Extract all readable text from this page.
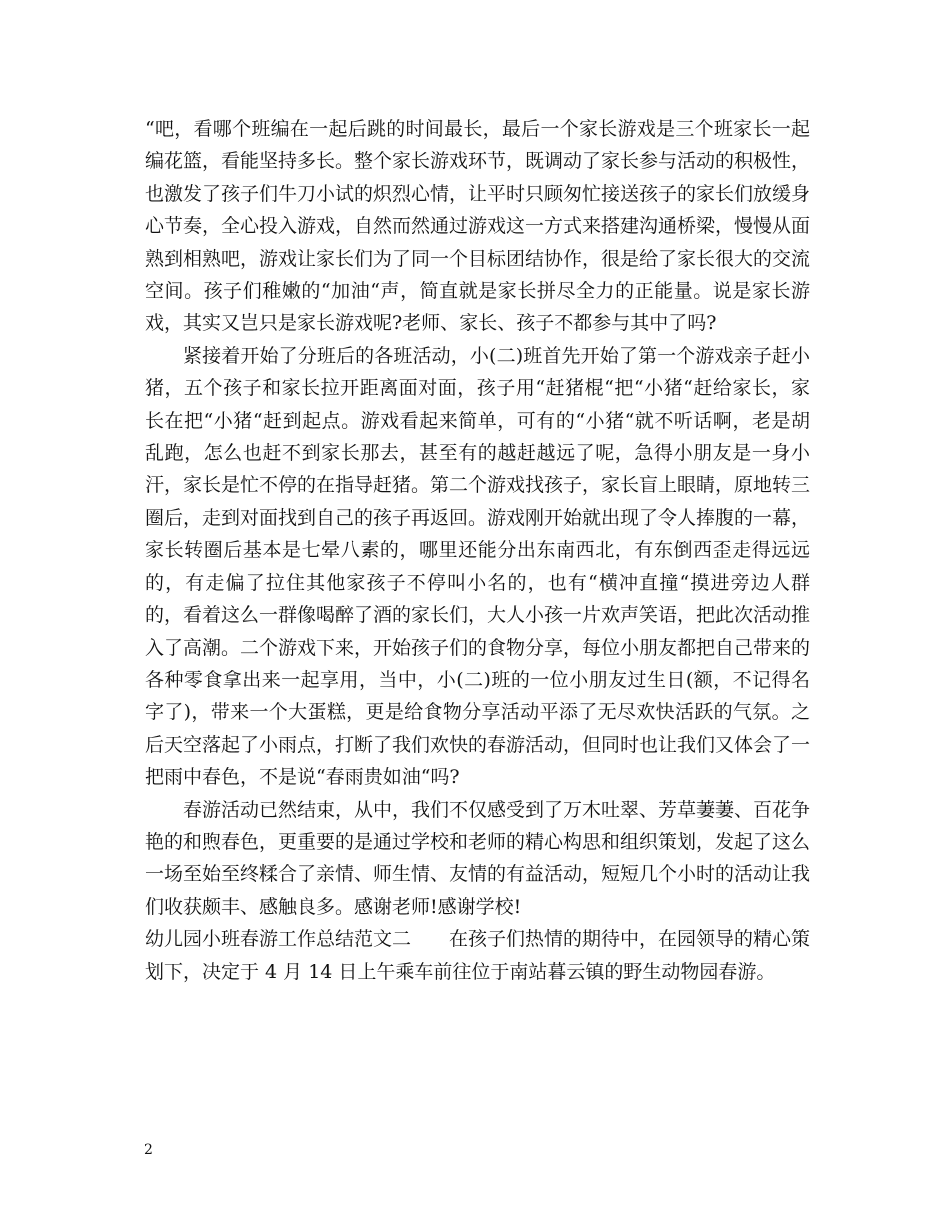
“吧，看哪个班编在一起后跳的时间最长，最后一个家长游戏是三个班家长一起编花篮，看能坚持多长。整个家长游戏环节，既调动了家长参与活动的积极性，也激发了孩子们牛刀小试的炽烈心情，让平时只顾匆忙接送孩子的家长们放缓身心节奏，全心投入游戏，自然而然通过游戏这一方式来搭建沟通桥梁，慢慢从面熟到相熟吧，游戏让家长们为了同一个目标团结协作，很是给了家长很大的交流空间。孩子们稚嫩的“加油“声，简直就是家长拼尽全力的正能量。说是家长游戏，其实又岂只是家长游戏呢?老师、家长、孩子不都参与其中了吗?

紧接着开始了分班后的各班活动，小(二)班首先开始了第一个游戏亲子赶小猪，五个孩子和家长拉开距离面对面，孩子用“赶猪棍“把“小猪“赶给家长，家长在把“小猪“赶到起点。游戏看起来简单，可有的“小猪“就不听话啊，老是胡乱跑，怎么也赶不到家长那去，甚至有的越赶越远了呢，急得小朋友是一身小汗，家长是忙不停的在指导赶猪。第二个游戏找孩子，家长盲上眼睛，原地转三圈后，走到对面找到自己的孩子再返回。游戏刚开始就出现了令人捧腹的一幕，家长转圈后基本是七晕八素的，哪里还能分出东南西北，有东倒西歪走得远远的，有走偏了拉住其他家孩子不停叫小名的，也有“横冲直撞“摸进旁边人群的，看着这么一群像喝醉了酒的家长们，大人小孩一片欢声笑语，把此次活动推入了高潮。二个游戏下来，开始孩子们的食物分享，每位小朋友都把自己带来的各种零食拿出来一起享用，当中，小(二)班的一位小朋友过生日(额，不记得名字了)，带来一个大蛋糕，更是给食物分享活动平添了无尽欢快活跃的气氛。之后天空落起了小雨点，打断了我们欢快的春游活动，但同时也让我们又体会了一把雨中春色，不是说“春雨贵如油“吗?

春游活动已然结束，从中，我们不仅感受到了万木吐翠、芳草萋萋、百花争艳的和煦春色，更重要的是通过学校和老师的精心构思和组织策划，发起了这么一场至始至终糅合了亲情、师生情、友情的有益活动，短短几个小时的活动让我们收获颇丰、感触良多。感谢老师!感谢学校!

幼儿园小班春游工作总结范文二　　在孩子们热情的期待中，在园领导的精心策划下，决定于 4 月 14 日上午乘车前往位于南站暮云镇的野生动物园春游。

2
